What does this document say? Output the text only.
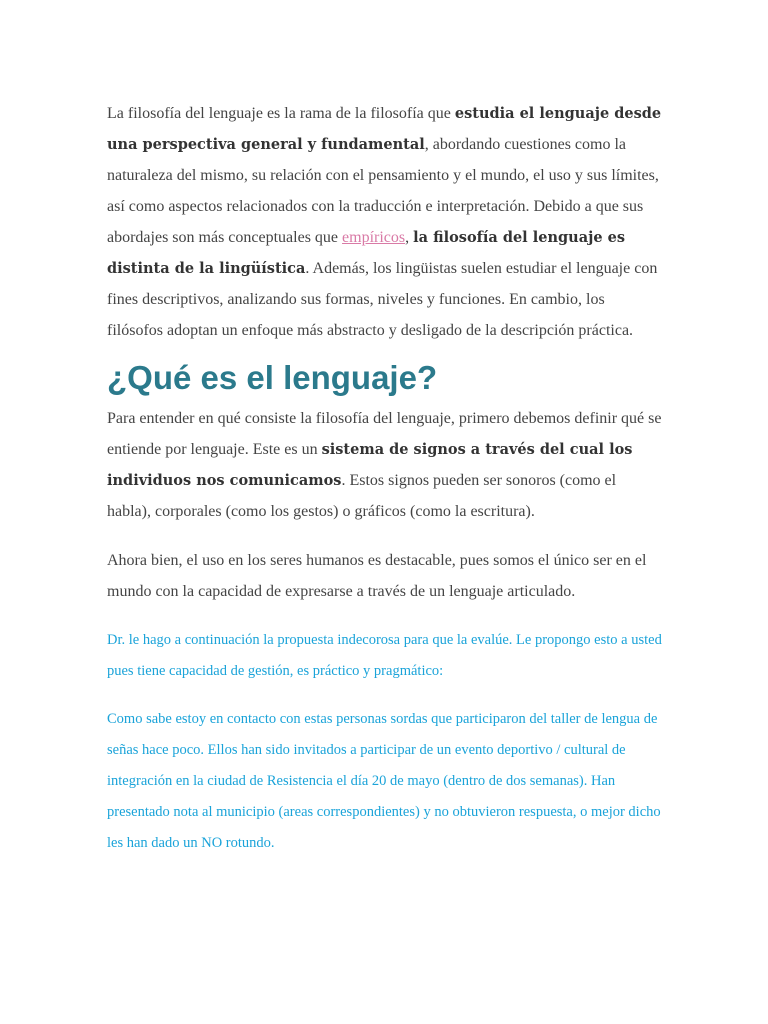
La filosofía del lenguaje es la rama de la filosofía que estudia el lenguaje desde una perspectiva general y fundamental, abordando cuestiones como la naturaleza del mismo, su relación con el pensamiento y el mundo, el uso y sus límites, así como aspectos relacionados con la traducción e interpretación. Debido a que sus abordajes son más conceptuales que empíricos, la filosofía del lenguaje es distinta de la lingüística. Además, los lingüistas suelen estudiar el lenguaje con fines descriptivos, analizando sus formas, niveles y funciones. En cambio, los filósofos adoptan un enfoque más abstracto y desligado de la descripción práctica.

¿Qué es el lenguaje?

Para entender en qué consiste la filosofía del lenguaje, primero debemos definir qué se entiende por lenguaje. Este es un sistema de signos a través del cual los individuos nos comunicamos. Estos signos pueden ser sonoros (como el habla), corporales (como los gestos) o gráficos (como la escritura).

Ahora bien, el uso en los seres humanos es destacable, pues somos el único ser en el mundo con la capacidad de expresarse a través de un lenguaje articulado.

Dr. le hago a continuación la propuesta indecorosa para que la evalúe. Le propongo esto a usted pues tiene capacidad de gestión, es práctico y pragmático:

Como sabe estoy en contacto con estas personas sordas que participaron del taller de lengua de señas hace poco. Ellos han sido invitados a participar de un evento deportivo / cultural de integración en la ciudad de Resistencia el día 20 de mayo (dentro de dos semanas). Han presentado nota al municipio (areas correspondientes) y no obtuvieron respuesta, o mejor dicho les han dado un NO rotundo.
